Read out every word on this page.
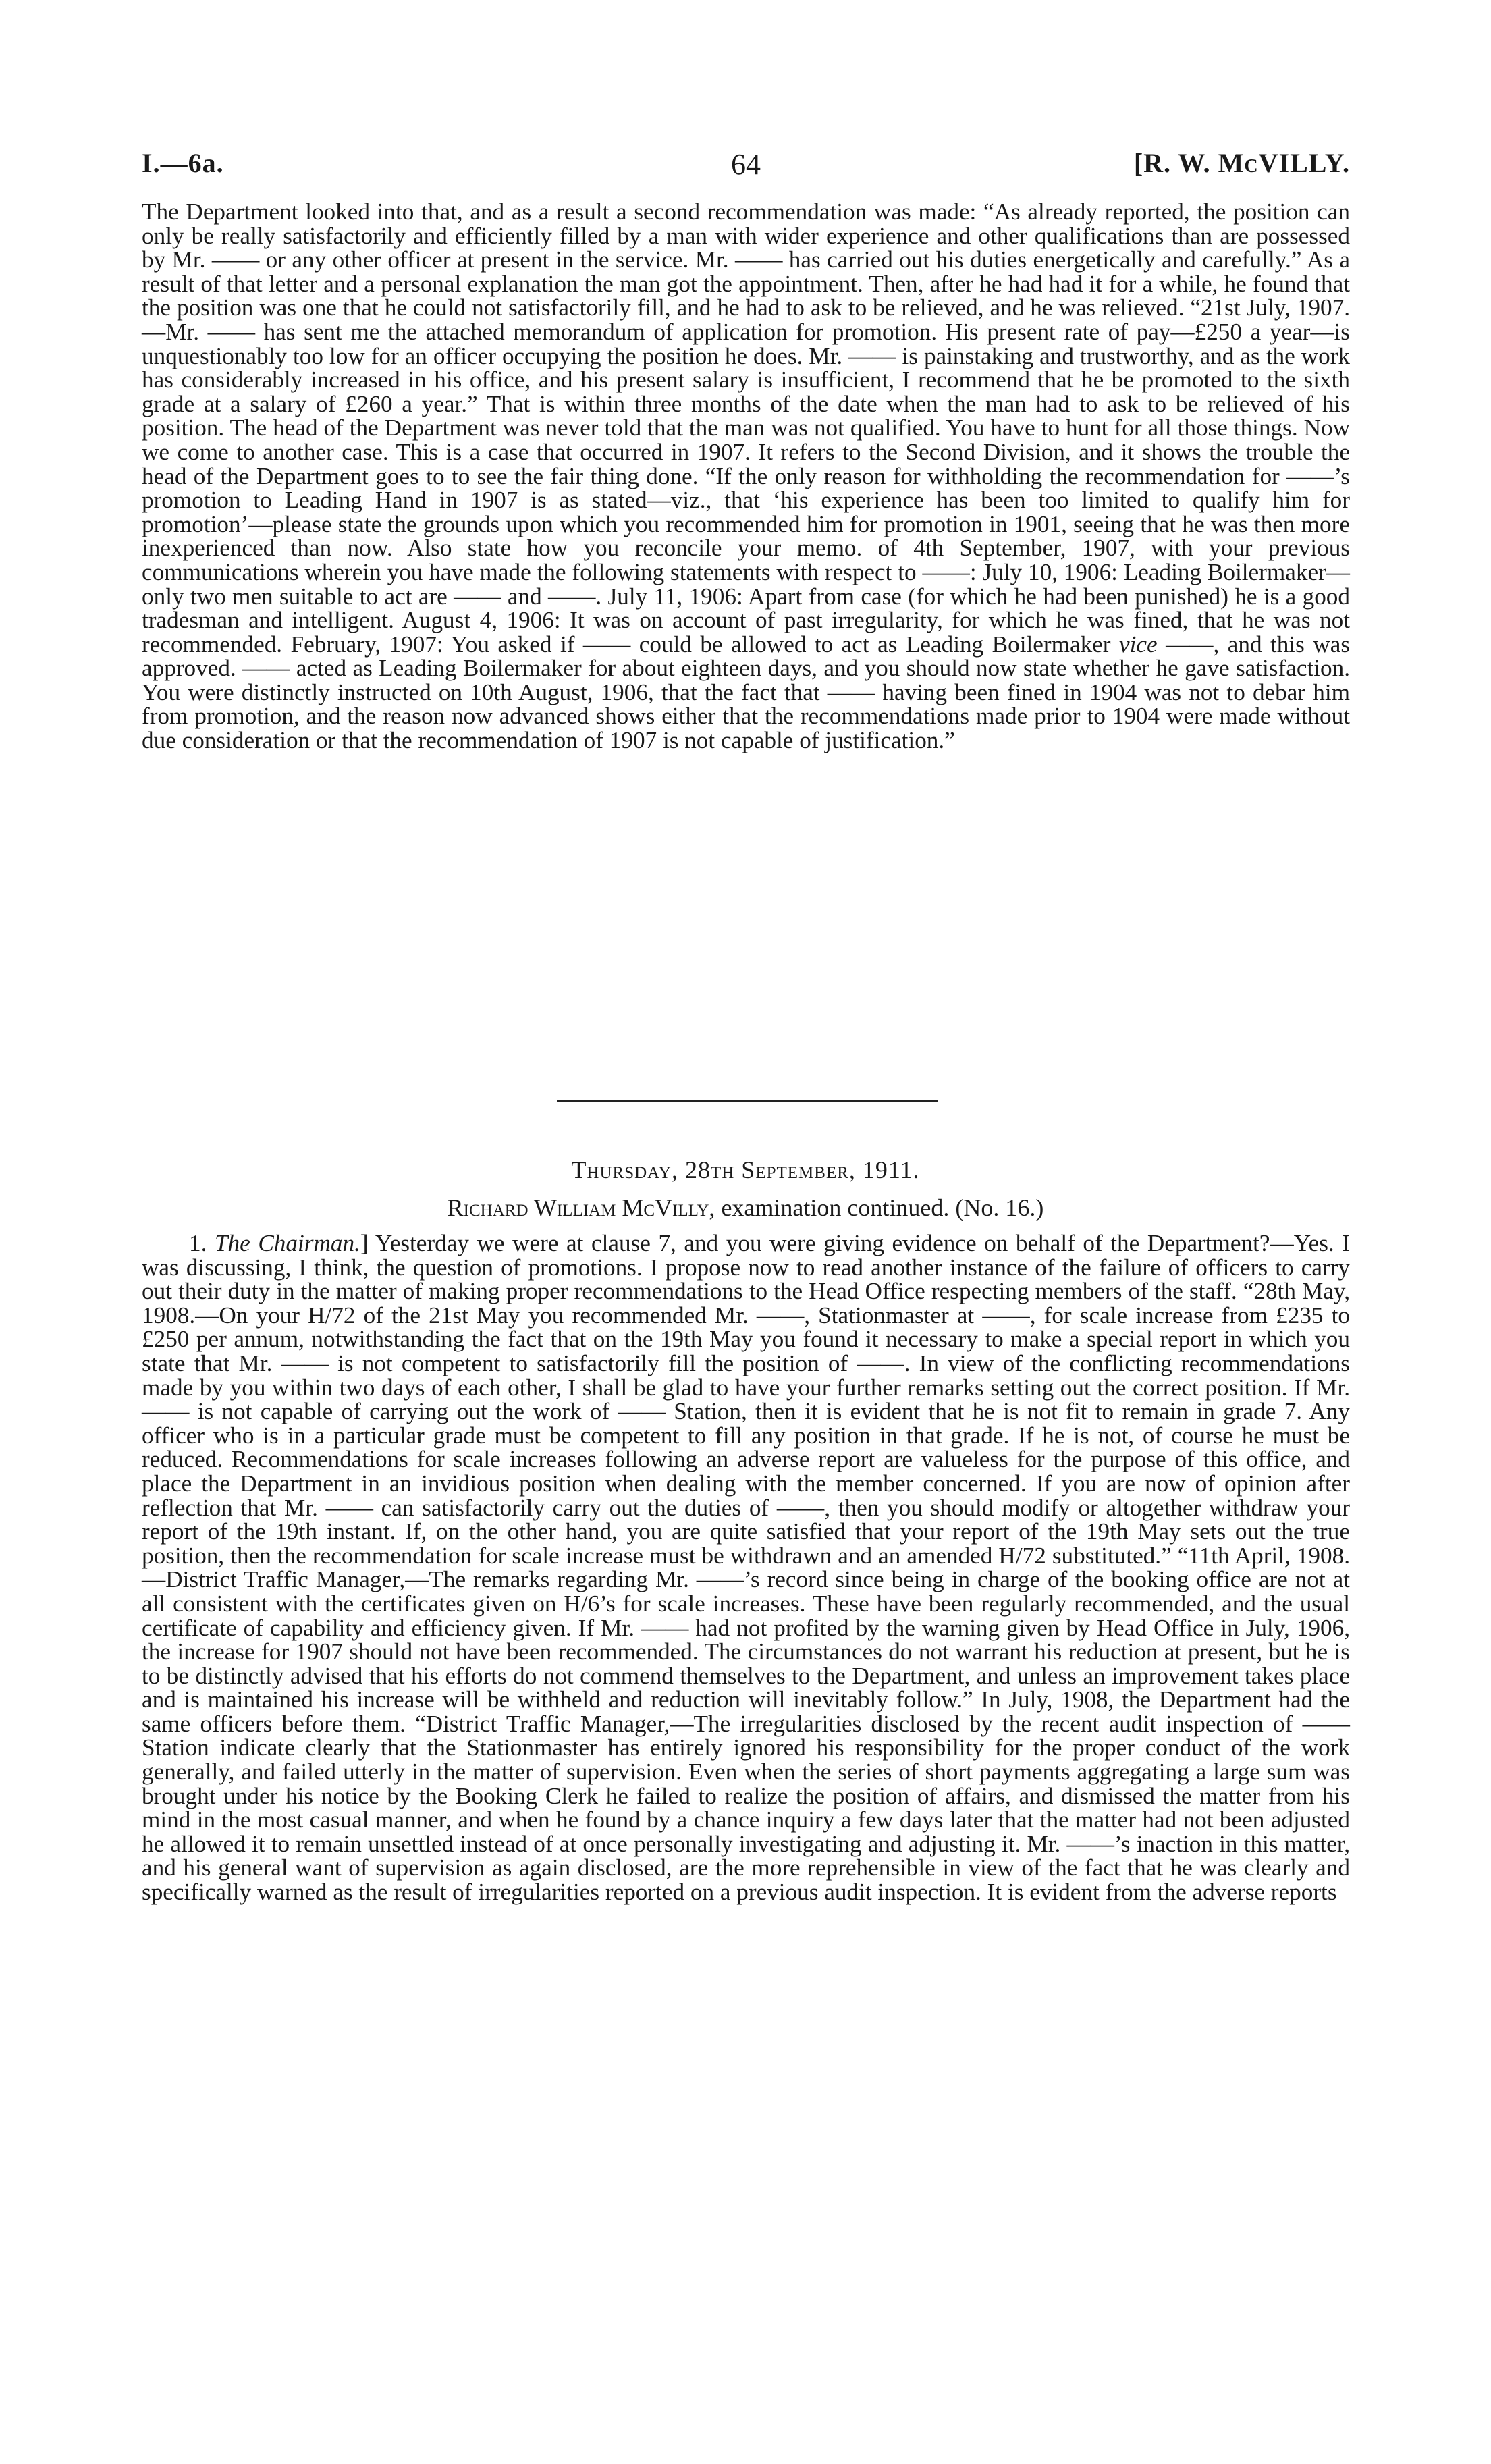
I.—6a.	64	[R. W. McVILLY.

The Department looked into that, and as a result a second recommendation was made: “As already reported, the position can only be really satisfactorily and efficiently filled by a man with wider experience and other qualifications than are possessed by Mr. —— or any other officer at present in the service. Mr. —— has carried out his duties energetically and carefully.” As a result of that letter and a personal explanation the man got the appointment. Then, after he had had it for a while, he found that the position was one that he could not satisfactorily fill, and he had to ask to be relieved, and he was relieved. “21st July, 1907.—Mr. —— has sent me the attached memorandum of application for promotion. His present rate of pay—£250 a year—is unquestionably too low for an officer occupying the position he does. Mr. —— is painstaking and trustworthy, and as the work has considerably increased in his office, and his present salary is insufficient, I recommend that he be promoted to the sixth grade at a salary of £260 a year.” That is within three months of the date when the man had to ask to be relieved of his position. The head of the Department was never told that the man was not qualified. You have to hunt for all those things. Now we come to another case. This is a case that occurred in 1907. It refers to the Second Division, and it shows the trouble the head of the Department goes to to see the fair thing done. “If the only reason for withholding the recommendation for ——’s promotion to Leading Hand in 1907 is as stated—viz., that ‘his experience has been too limited to qualify him for promotion’—please state the grounds upon which you recommended him for promotion in 1901, seeing that he was then more inexperienced than now. Also state how you reconcile your memo. of 4th September, 1907, with your previous communications wherein you have made the following statements with respect to ——: July 10, 1906: Leading Boilermaker—only two men suitable to act are —— and ——. July 11, 1906: Apart from case (for which he had been punished) he is a good tradesman and intelligent. August 4, 1906: It was on account of past irregularity, for which he was fined, that he was not recommended. February, 1907: You asked if —— could be allowed to act as Leading Boilermaker vice ——, and this was approved. —— acted as Leading Boilermaker for about eighteen days, and you should now state whether he gave satisfaction. You were distinctly instructed on 10th August, 1906, that the fact that —— having been fined in 1904 was not to debar him from promotion, and the reason now advanced shows either that the recommendations made prior to 1904 were made without due consideration or that the recommendation of 1907 is not capable of justification.”

Thursday, 28th September, 1911.
Richard William McVilly, examination continued. (No. 16.)

1. The Chairman.] Yesterday we were at clause 7, and you were giving evidence on behalf of the Department?—Yes. I was discussing, I think, the question of promotions. I propose now to read another instance of the failure of officers to carry out their duty in the matter of making proper recommendations to the Head Office respecting members of the staff. “28th May, 1908.—On your H/72 of the 21st May you recommended Mr. ——, Stationmaster at ——, for scale increase from £235 to £250 per annum, notwithstanding the fact that on the 19th May you found it necessary to make a special report in which you state that Mr. —— is not competent to satisfactorily fill the position of ——. In view of the conflicting recommendations made by you within two days of each other, I shall be glad to have your further remarks setting out the correct position. If Mr. —— is not capable of carrying out the work of —— Station, then it is evident that he is not fit to remain in grade 7. Any officer who is in a particular grade must be competent to fill any position in that grade. If he is not, of course he must be reduced. Recommendations for scale increases following an adverse report are valueless for the purpose of this office, and place the Department in an invidious position when dealing with the member concerned. If you are now of opinion after reflection that Mr. —— can satisfactorily carry out the duties of ——, then you should modify or altogether withdraw your report of the 19th instant. If, on the other hand, you are quite satisfied that your report of the 19th May sets out the true position, then the recommendation for scale increase must be withdrawn and an amended H/72 substituted.” “11th April, 1908.—District Traffic Manager,—The remarks regarding Mr. ——’s record since being in charge of the booking office are not at all consistent with the certificates given on H/6’s for scale increases. These have been regularly recommended, and the usual certificate of capability and efficiency given. If Mr. —— had not profited by the warning given by Head Office in July, 1906, the increase for 1907 should not have been recommended. The circumstances do not warrant his reduction at present, but he is to be distinctly advised that his efforts do not commend themselves to the Department, and unless an improvement takes place and is maintained his increase will be withheld and reduction will inevitably follow.” In July, 1908, the Department had the same officers before them. “District Traffic Manager,—The irregularities disclosed by the recent audit inspection of —— Station indicate clearly that the Stationmaster has entirely ignored his responsibility for the proper conduct of the work generally, and failed utterly in the matter of supervision. Even when the series of short payments aggregating a large sum was brought under his notice by the Booking Clerk he failed to realize the position of affairs, and dismissed the matter from his mind in the most casual manner, and when he found by a chance inquiry a few days later that the matter had not been adjusted he allowed it to remain unsettled instead of at once personally investigating and adjusting it. Mr. ——’s inaction in this matter, and his general want of supervision as again disclosed, are the more reprehensible in view of the fact that he was clearly and specifically warned as the result of irregularities reported on a previous audit inspection. It is evident from the adverse reports
